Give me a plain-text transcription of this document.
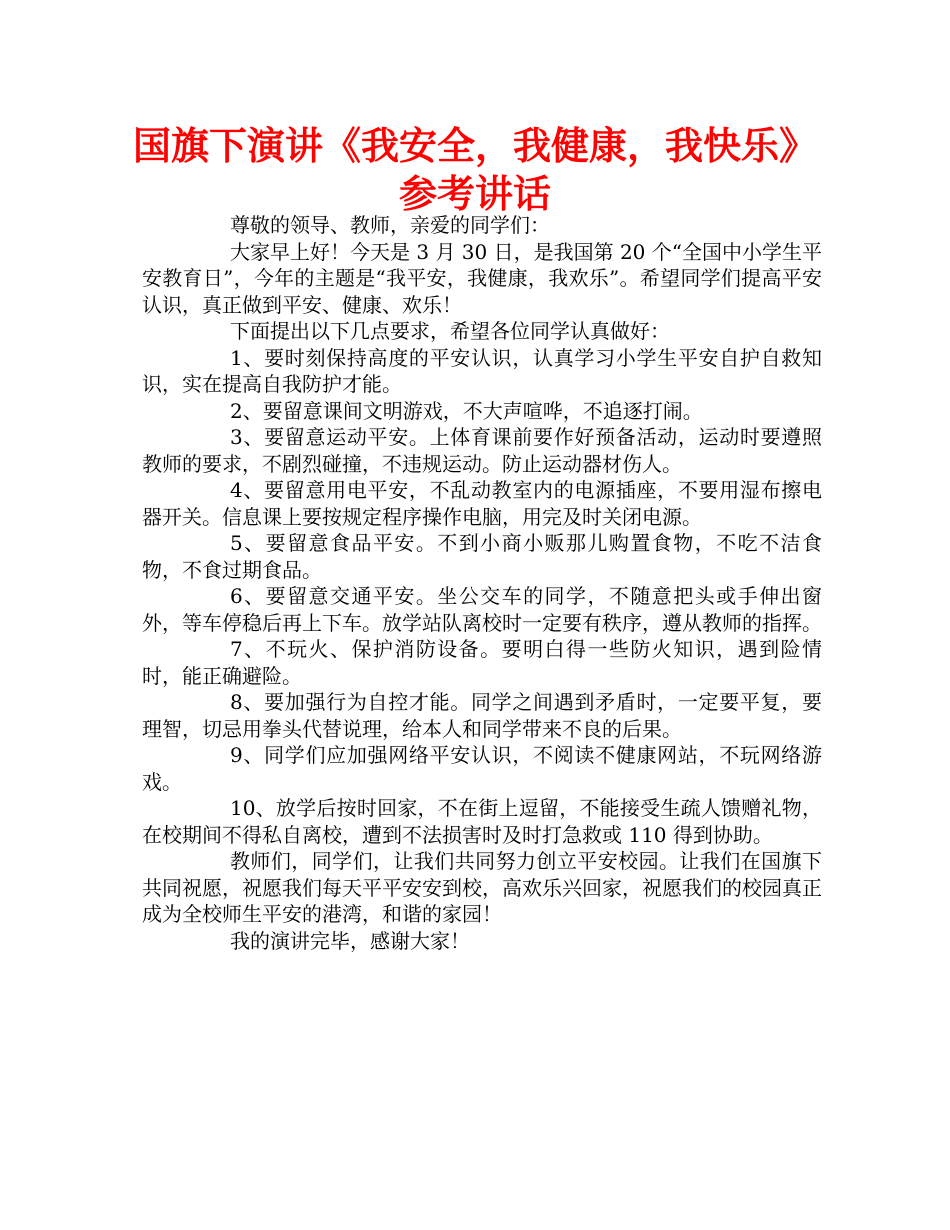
国旗下演讲《我安全，我健康，我快乐》参考讲话

尊敬的领导、教师，亲爱的同学们：

大家早上好！今天是 3 月 30 日，是我国第 20 个“全国中小学生平安教育日”，今年的主题是“我平安，我健康，我欢乐”。希望同学们提高平安认识，真正做到平安、健康、欢乐！

下面提出以下几点要求，希望各位同学认真做好：

1、要时刻保持高度的平安认识，认真学习小学生平安自护自救知识，实在提高自我防护才能。

2、要留意课间文明游戏，不大声喧哗，不追逐打闹。

3、要留意运动平安。上体育课前要作好预备活动，运动时要遵照教师的要求，不剧烈碰撞，不违规运动。防止运动器材伤人。

4、要留意用电平安，不乱动教室内的电源插座，不要用湿布擦电器开关。信息课上要按规定程序操作电脑，用完及时关闭电源。

5、要留意食品平安。不到小商小贩那儿购置食物，不吃不洁食物，不食过期食品。

6、要留意交通平安。坐公交车的同学，不随意把头或手伸出窗外，等车停稳后再上下车。放学站队离校时一定要有秩序，遵从教师的指挥。

7、不玩火、保护消防设备。要明白得一些防火知识，遇到险情时，能正确避险。

8、要加强行为自控才能。同学之间遇到矛盾时，一定要平复，要理智，切忌用拳头代替说理，给本人和同学带来不良的后果。

9、同学们应加强网络平安认识，不阅读不健康网站，不玩网络游戏。

10、放学后按时回家，不在街上逗留，不能接受生疏人馈赠礼物，在校期间不得私自离校，遭到不法损害时及时打急救或 110 得到协助。

教师们，同学们，让我们共同努力创立平安校园。让我们在国旗下共同祝愿，祝愿我们每天平平安安到校，高欢乐兴回家，祝愿我们的校园真正成为全校师生平安的港湾，和谐的家园！

我的演讲完毕，感谢大家！
